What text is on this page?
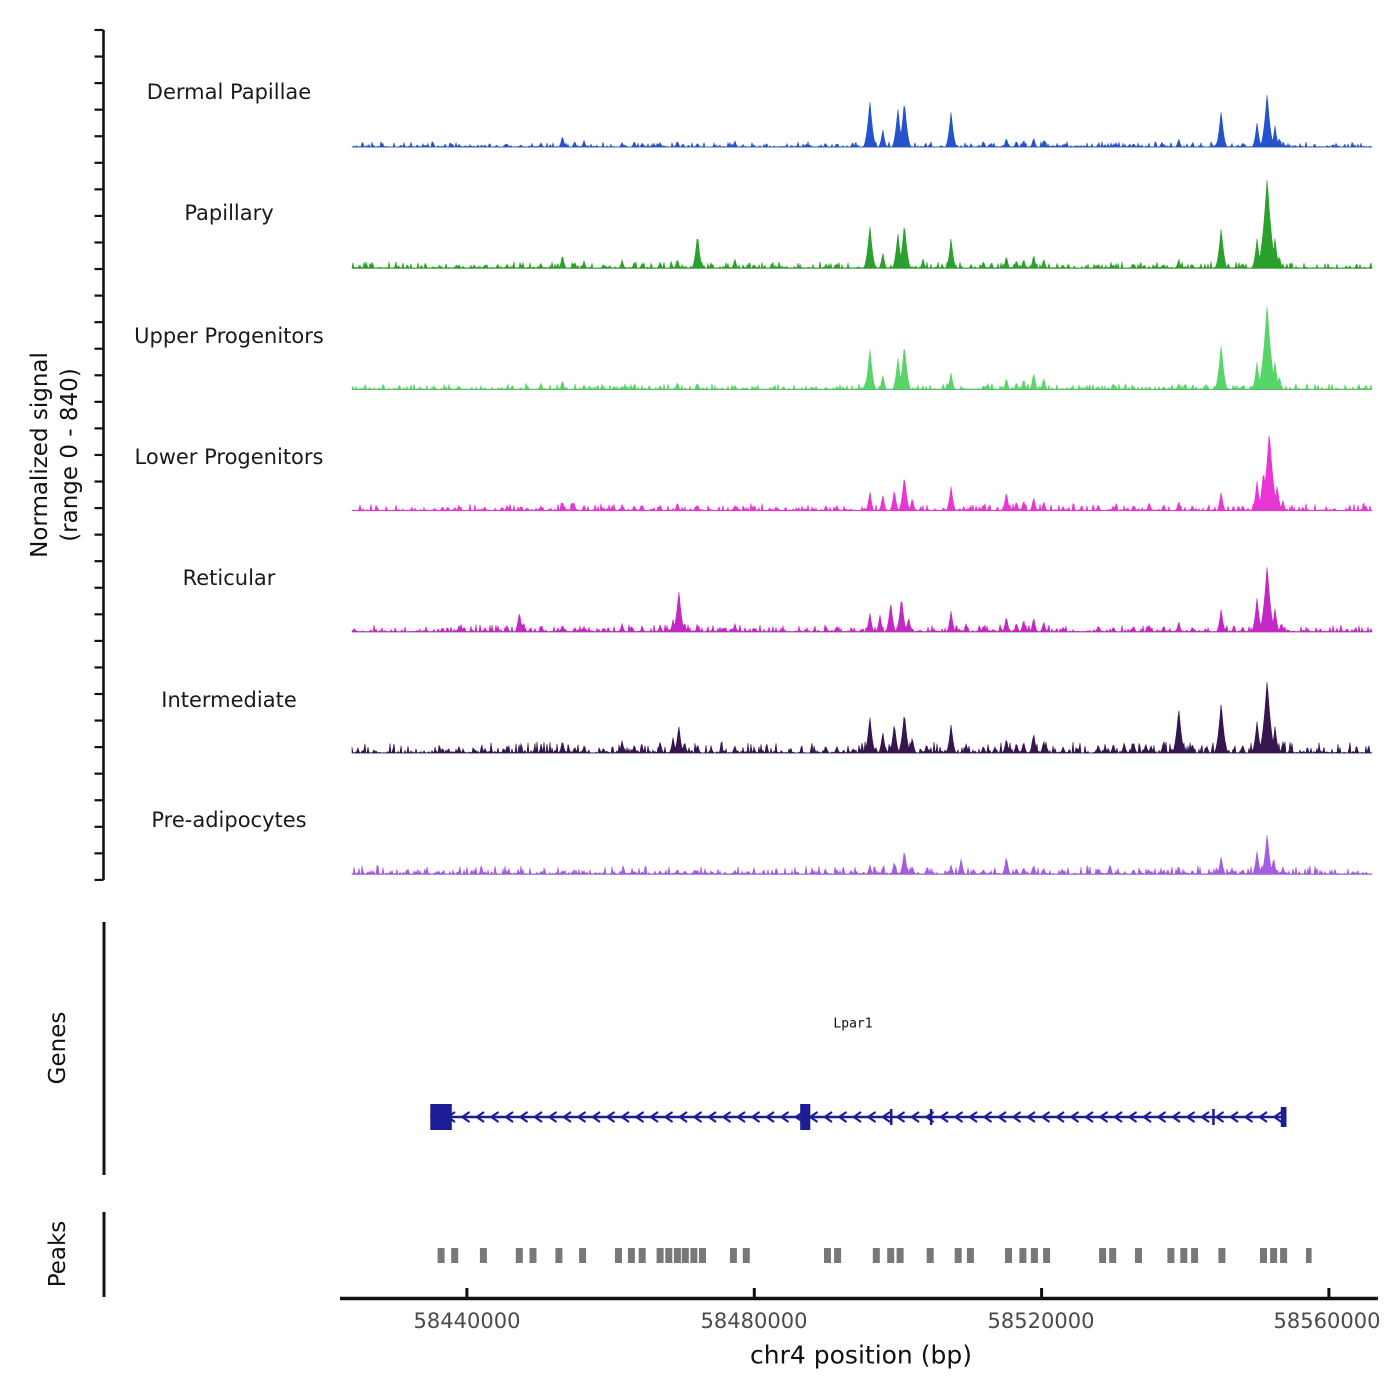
Normalized signal (range 0 - 840)
Dermal Papillae
Papillary
Upper Progenitors
Lower Progenitors
Reticular
Intermediate
Pre-adipocytes
Genes
Peaks
Lpar1
58440000	58480000	58520000	58560000
chr4 position (bp)
